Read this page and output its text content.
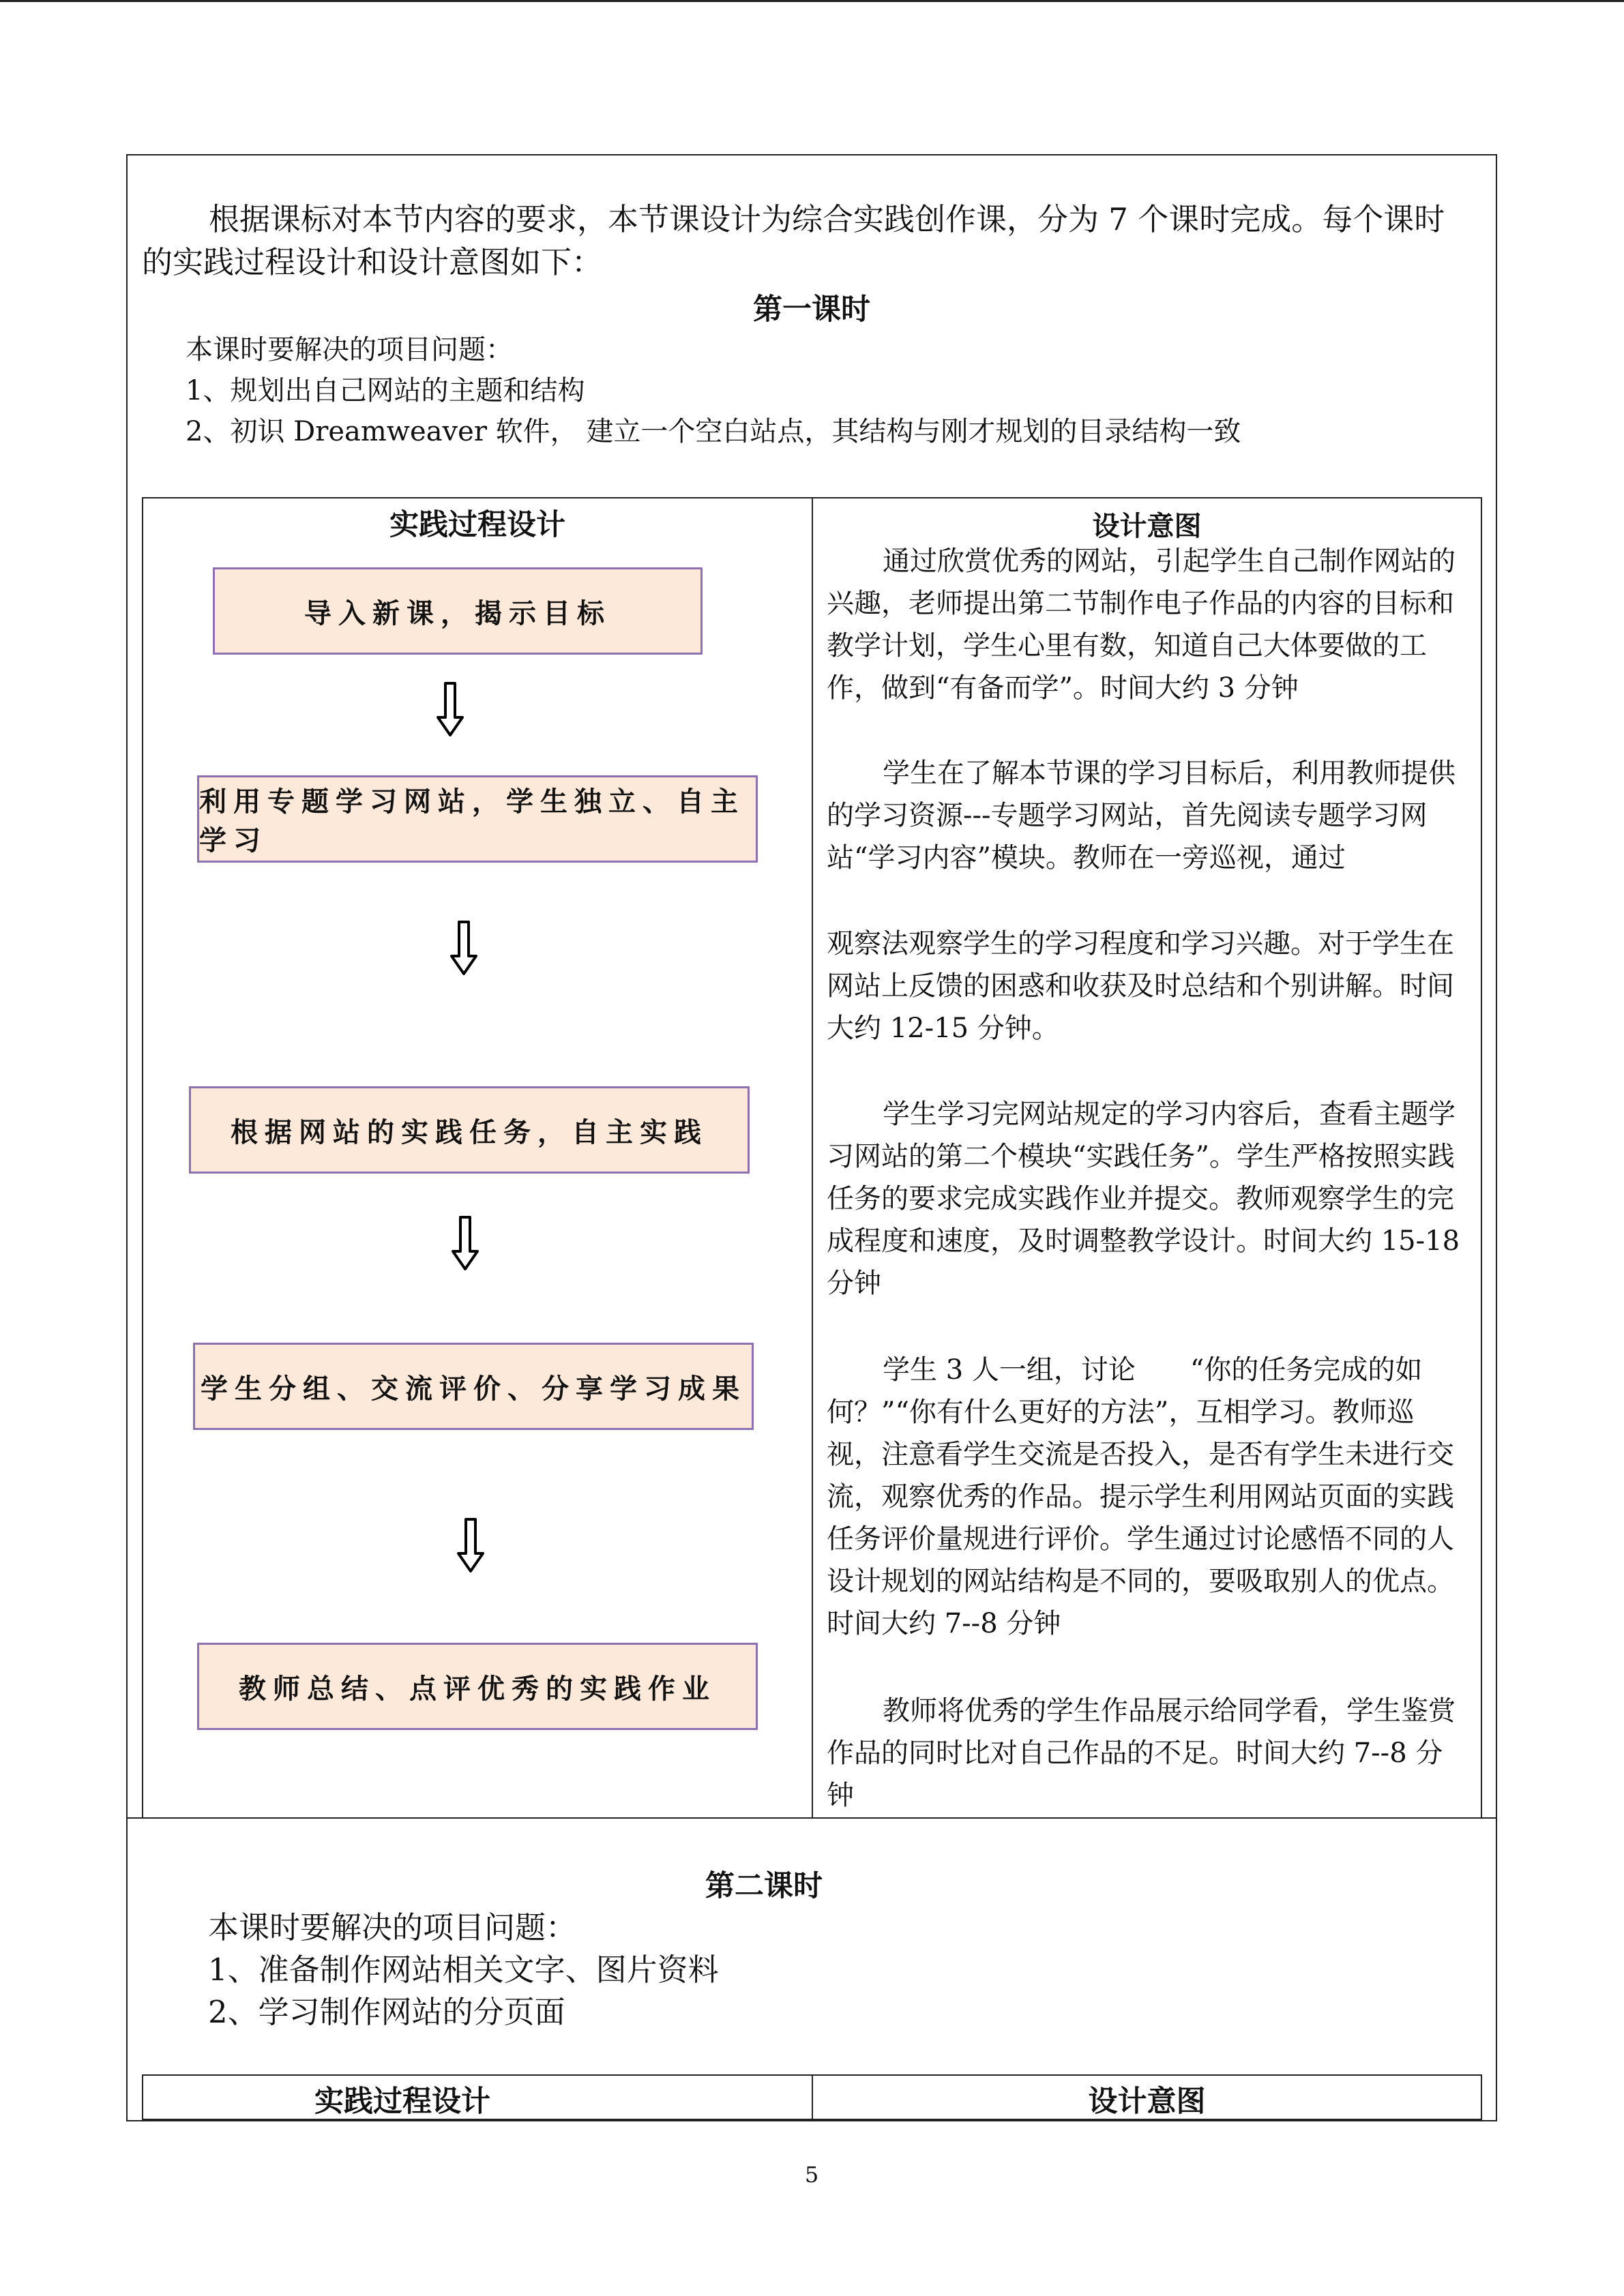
根据课标对本节内容的要求，本节课设计为综合实践创作课，分为 7 个课时完成。每个课时的实践过程设计和设计意图如下：
第一课时
本课时要解决的项目问题：
1、规划出自己网站的主题和结构
2、初识 Dreamweaver 软件， 建立一个空白站点，其结构与刚才规划的目录结构一致
实践过程设计	设计意图
导入新课，揭示目标
利用专题学习网站，学生独立、自主学习
根据网站的实践任务，自主实践
学生分组、交流评价、分享学习成果
教师总结、点评优秀的实践作业

通过欣赏优秀的网站，引起学生自己制作网站的兴趣，老师提出第二节制作电子作品的内容的目标和教学计划，学生心里有数，知道自己大体要做的工作，做到“有备而学”。时间大约 3 分钟

学生在了解本节课的学习目标后，利用教师提供的学习资源---专题学习网站，首先阅读专题学习网站“学习内容”模块。教师在一旁巡视，通过

观察法观察学生的学习程度和学习兴趣。对于学生在网站上反馈的困惑和收获及时总结和个别讲解。时间大约 12-15 分钟。

学生学习完网站规定的学习内容后，查看主题学习网站的第二个模块“实践任务”。学生严格按照实践任务的要求完成实践作业并提交。教师观察学生的完成程度和速度，及时调整教学设计。时间大约 15-18 分钟

学生 3 人一组，讨论　　“你的任务完成的如何？”“你有什么更好的方法”，互相学习。教师巡视，注意看学生交流是否投入，是否有学生未进行交流，观察优秀的作品。提示学生利用网站页面的实践任务评价量规进行评价。学生通过讨论感悟不同的人设计规划的网站结构是不同的，要吸取别人的优点。时间大约 7--8 分钟

教师将优秀的学生作品展示给同学看，学生鉴赏作品的同时比对自己作品的不足。时间大约 7--8 分钟

第二课时
本课时要解决的项目问题：
1、准备制作网站相关文字、图片资料
2、学习制作网站的分页面
实践过程设计	设计意图
5
